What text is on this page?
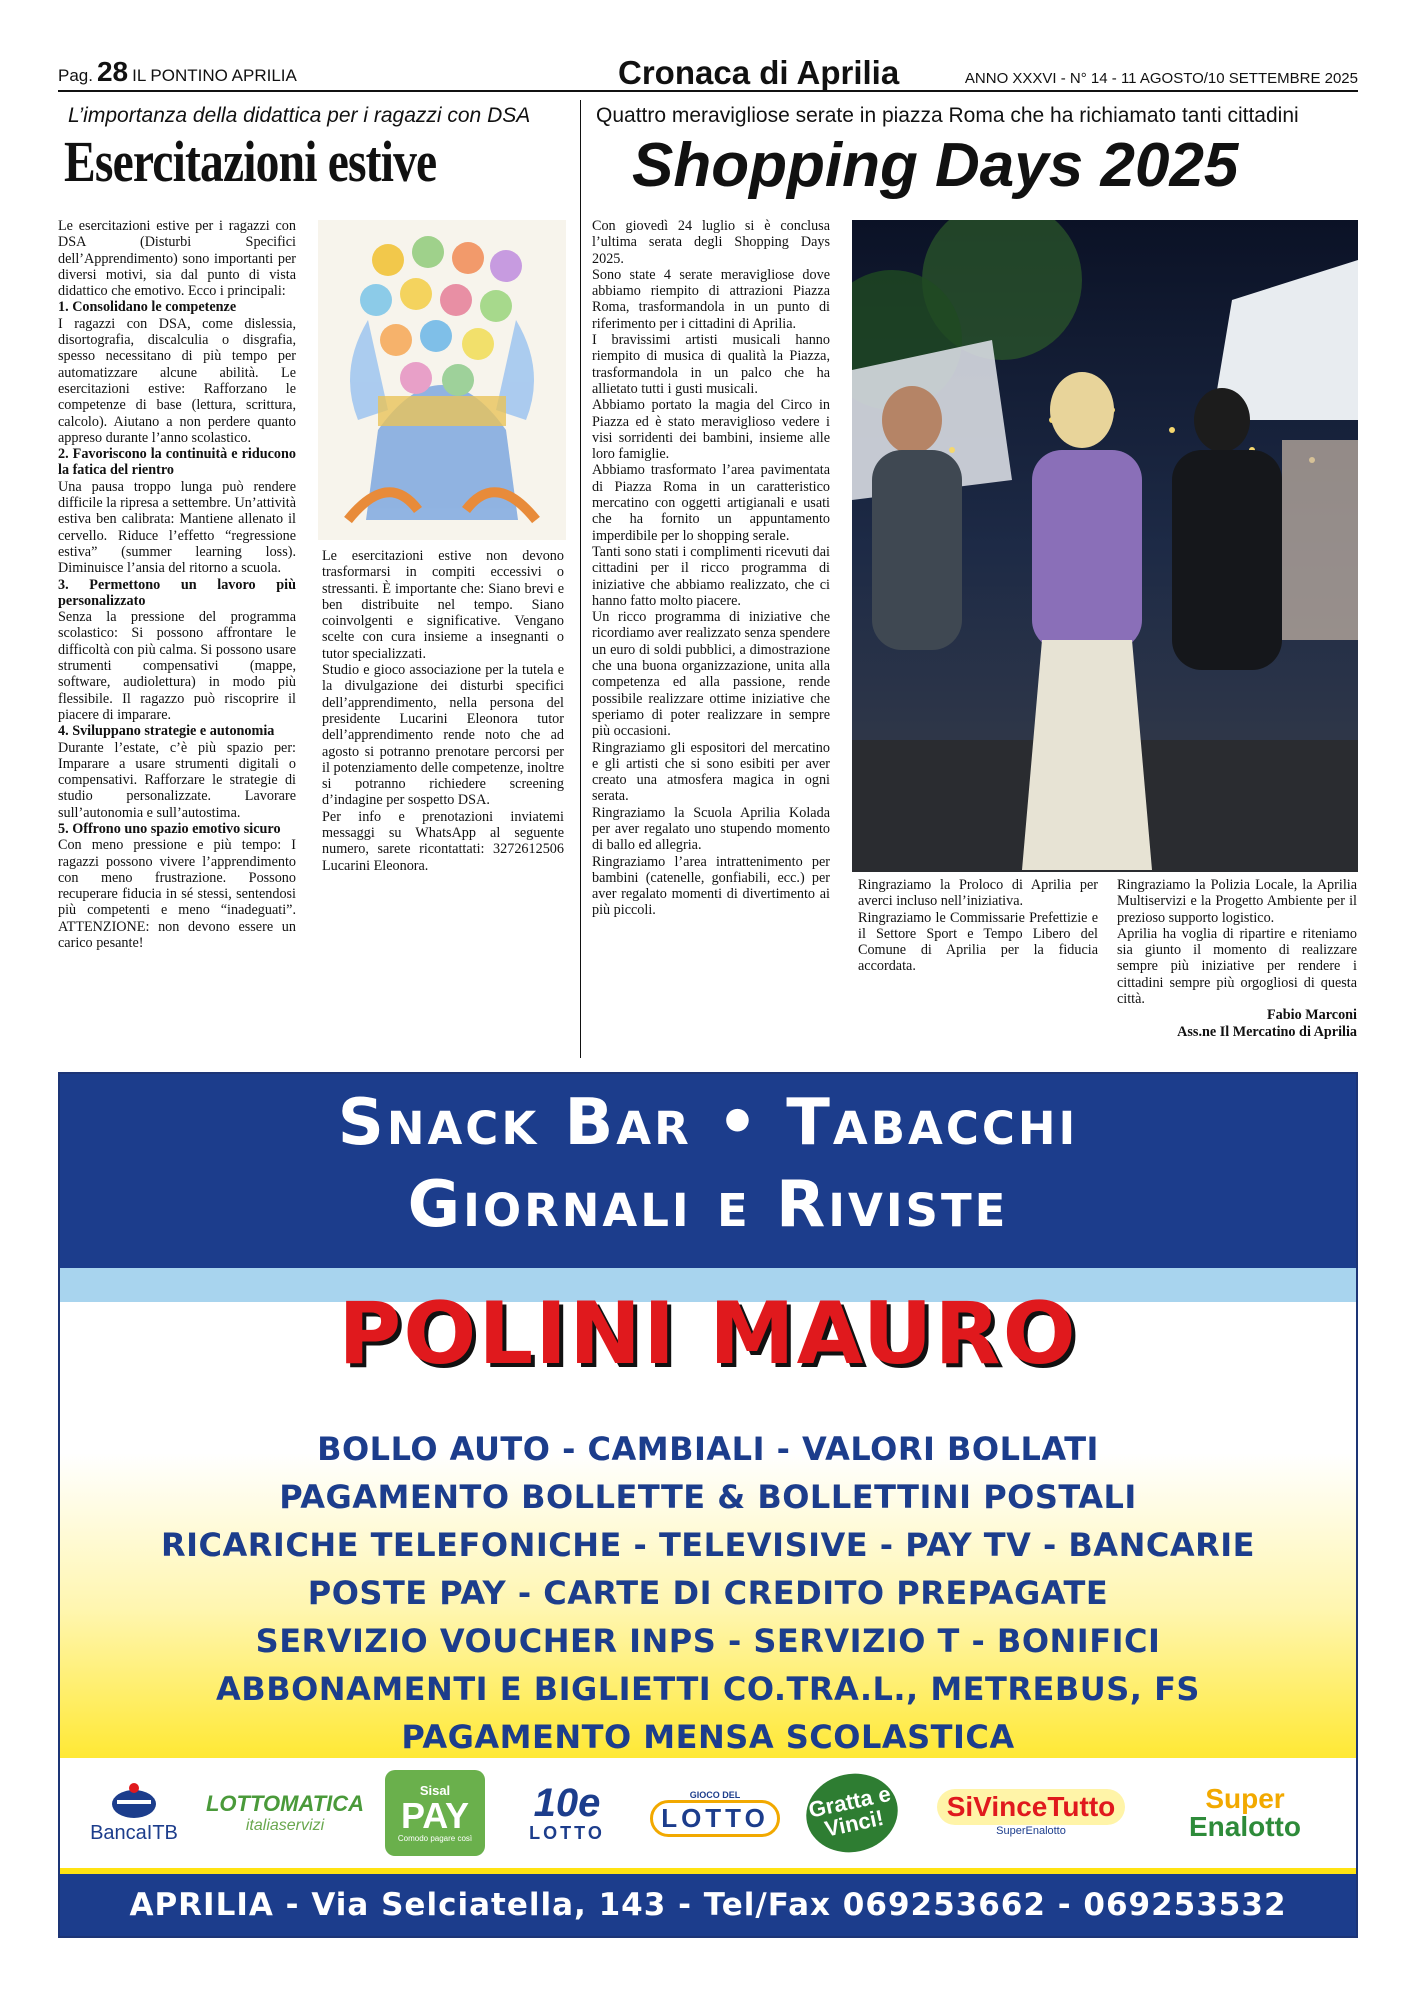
Pag. 28 IL PONTINO APRILIA	Cronaca di Aprilia	ANNO XXXVI - N° 14 - 11 AGOSTO/10 SETTEMBRE 2025
L’importanza della didattica per i ragazzi con DSA
Esercitazioni estive

Le esercitazioni estive per i ragazzi con DSA (Disturbi Specifici dell’Apprendimento) sono importanti per diversi motivi, sia dal punto di vista didattico che emotivo. Ecco i principali:

1. Consolidano le competenze

I ragazzi con DSA, come dislessia, disortografia, discalculia o disgrafia, spesso necessitano di più tempo per automatizzare alcune abilità. Le esercitazioni estive: Rafforzano le competenze di base (lettura, scrittura, calcolo). Aiutano a non perdere quanto appreso durante l’anno scolastico.

2. Favoriscono la continuità e riducono la fatica del rientro

Una pausa troppo lunga può rendere difficile la ripresa a settembre. Un’attività estiva ben calibrata: Mantiene allenato il cervello. Riduce l’effetto “regressione estiva” (summer learning loss). Diminuisce l’ansia del ritorno a scuola.

3. Permettono un lavoro più personalizzato

Senza la pressione del programma scolastico: Si possono affrontare le difficoltà con più calma. Si possono usare strumenti compensativi (mappe, software, audiolettura) in modo più flessibile. Il ragazzo può riscoprire il piacere di imparare.

4. Sviluppano strategie e autonomia

Durante l’estate, c’è più spazio per: Imparare a usare strumenti digitali o compensativi. Rafforzare le strategie di studio personalizzate. Lavorare sull’autonomia e sull’autostima.

5. Offrono uno spazio emotivo sicuro

Con meno pressione e più tempo: I ragazzi possono vivere l’apprendimento con meno frustrazione. Possono recuperare fiducia in sé stessi, sentendosi più competenti e meno “inadeguati”. ATTENZIONE: non devono essere un carico pesante!

Le esercitazioni estive non devono trasformarsi in compiti eccessivi o stressanti. È importante che: Siano brevi e ben distribuite nel tempo. Siano coinvolgenti e significative. Vengano scelte con cura insieme a insegnanti o tutor specializzati.

Studio e gioco associazione per la tutela e la divulgazione dei disturbi specifici dell’apprendimento, nella persona del presidente Lucarini Eleonora tutor dell’apprendimento rende noto che ad agosto si potranno prenotare percorsi per il potenziamento delle competenze, inoltre si potranno richiedere screening d’indagine per sospetto DSA.

Per info e prenotazioni inviatemi messaggi su WhatsApp al seguente numero, sarete ricontattati: 3272612506 Lucarini Eleonora.

Quattro meravigliose serate in piazza Roma che ha richiamato tanti cittadini
Shopping Days 2025

Con giovedì 24 luglio si è conclusa l’ultima serata degli Shopping Days 2025.

Sono state 4 serate meravigliose dove abbiamo riempito di attrazioni Piazza Roma, trasformandola in un punto di riferimento per i cittadini di Aprilia.

I bravissimi artisti musicali hanno riempito di musica di qualità la Piazza, trasformandola in un palco che ha allietato tutti i gusti musicali.

Abbiamo portato la magia del Circo in Piazza ed è stato meraviglioso vedere i visi sorridenti dei bambini, insieme alle loro famiglie.

Abbiamo trasformato l’area pavimentata di Piazza Roma in un caratteristico mercatino con oggetti artigianali e usati che ha fornito un appuntamento imperdibile per lo shopping serale.

Tanti sono stati i complimenti ricevuti dai cittadini per il ricco programma di iniziative che abbiamo realizzato, che ci hanno fatto molto piacere.

Un ricco programma di iniziative che ricordiamo aver realizzato senza spendere un euro di soldi pubblici, a dimostrazione che una buona organizzazione, unita alla competenza ed alla passione, rende possibile realizzare ottime iniziative che speriamo di poter realizzare in sempre più occasioni.

Ringraziamo gli espositori del mercatino e gli artisti che si sono esibiti per aver creato una atmosfera magica in ogni serata.

Ringraziamo la Scuola Aprilia Kolada per aver regalato uno stupendo momento di ballo ed allegria.

Ringraziamo l’area intrattenimento per bambini (catenelle, gonfiabili, ecc.) per aver regalato momenti di divertimento ai più piccoli.

Ringraziamo la Proloco di Aprilia per averci incluso nell’iniziativa.

Ringraziamo le Commissarie Prefettizie e il Settore Sport e Tempo Libero del Comune di Aprilia per la fiducia accordata.

Ringraziamo la Polizia Locale, la Aprilia Multiservizi e la Progetto Ambiente per il prezioso supporto logistico.

Aprilia ha voglia di ripartire e riteniamo sia giunto il momento di realizzare sempre più iniziative per rendere i cittadini sempre più orgogliosi di questa città.

Fabio Marconi

Ass.ne Il Mercatino di Aprilia

Snack Bar • Tabacchi
Giornali e Riviste
POLINI MAURO
BOLLO AUTO - CAMBIALI - VALORI BOLLATI
PAGAMENTO BOLLETTE & BOLLETTINI POSTALI
RICARICHE TELEFONICHE - TELEVISIVE - PAY TV - BANCARIE
POSTE PAY - CARTE DI CREDITO PREPAGATE
SERVIZIO VOUCHER INPS - SERVIZIO T - BONIFICI
ABBONAMENTI E BIGLIETTI CO.TRA.L., METREBUS, FS
PAGAMENTO MENSA SCOLASTICA
BancaITB
LOTTOMATICA
italiaservizi
Sisal
PAY
Comodo pagare così
10e
LOTTO
GIOCO DEL
LOTTO	Gratta e Vinci!	SiVinceTutto
SuperEnalotto
Super
Enalotto
APRILIA - Via Selciatella, 143 - Tel/Fax 069253662 - 069253532
